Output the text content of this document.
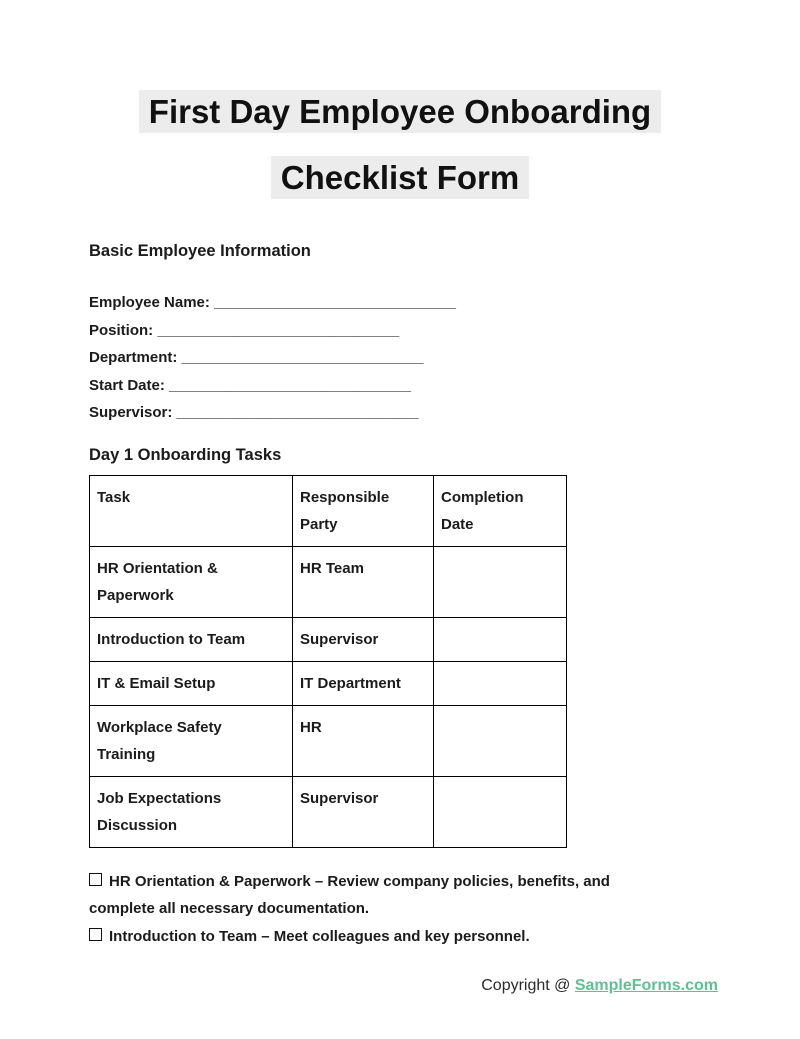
First Day Employee Onboarding
Checklist Form
Basic Employee Information
Employee Name: _____________________________
Position: _____________________________
Department: _____________________________
Start Date: _____________________________
Supervisor: _____________________________
Day 1 Onboarding Tasks
Task	Responsible Party	Completion Date
HR Orientation & Paperwork	HR Team	
Introduction to Team	Supervisor	
IT & Email Setup	IT Department	
Workplace Safety Training	HR	
Job Expectations Discussion	Supervisor	

HR Orientation & Paperwork – Review company policies, benefits, and complete all necessary documentation.

Introduction to Team – Meet colleagues and key personnel.

Copyright @ SampleForms.com
